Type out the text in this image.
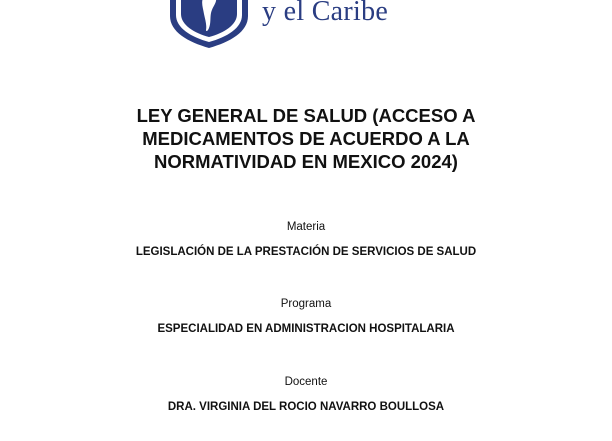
y el Caribe
LEY GENERAL DE SALUD (ACCESO A
MEDICAMENTOS DE ACUERDO A LA
NORMATIVIDAD EN MEXICO 2024)
Materia
LEGISLACIÓN DE LA PRESTACIÓN DE SERVICIOS DE SALUD
Programa
ESPECIALIDAD EN ADMINISTRACION HOSPITALARIA
Docente
DRA. VIRGINIA DEL ROCIO NAVARRO BOULLOSA
